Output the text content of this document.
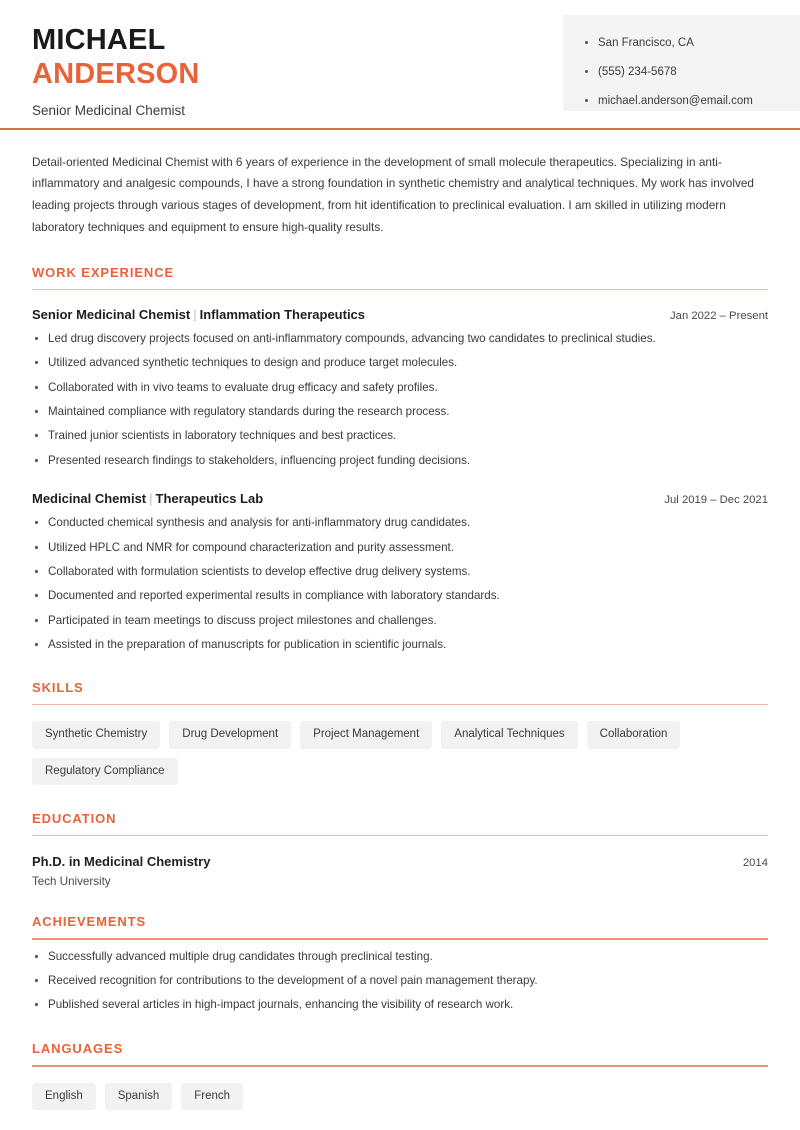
MICHAEL
ANDERSON
Senior Medicinal Chemist
San Francisco, CA
(555) 234-5678
michael.anderson@email.com

Detail-oriented Medicinal Chemist with 6 years of experience in the development of small molecule therapeutics. Specializing in anti-inflammatory and analgesic compounds, I have a strong foundation in synthetic chemistry and analytical techniques. My work has involved leading projects through various stages of development, from hit identification to preclinical evaluation. I am skilled in utilizing modern laboratory techniques and equipment to ensure high-quality results.

WORK EXPERIENCE
Senior Medicinal Chemist | Inflammation Therapeutics	Jan 2022 – Present
Led drug discovery projects focused on anti-inflammatory compounds, advancing two candidates to preclinical studies.
Utilized advanced synthetic techniques to design and produce target molecules.
Collaborated with in vivo teams to evaluate drug efficacy and safety profiles.
Maintained compliance with regulatory standards during the research process.
Trained junior scientists in laboratory techniques and best practices.
Presented research findings to stakeholders, influencing project funding decisions.
Medicinal Chemist | Therapeutics Lab	Jul 2019 – Dec 2021
Conducted chemical synthesis and analysis for anti-inflammatory drug candidates.
Utilized HPLC and NMR for compound characterization and purity assessment.
Collaborated with formulation scientists to develop effective drug delivery systems.
Documented and reported experimental results in compliance with laboratory standards.
Participated in team meetings to discuss project milestones and challenges.
Assisted in the preparation of manuscripts for publication in scientific journals.
SKILLS
Synthetic Chemistry	Drug Development	Project Management	Analytical Techniques	Collaboration
Regulatory Compliance
EDUCATION
Ph.D. in Medicinal Chemistry	2014
Tech University
ACHIEVEMENTS
Successfully advanced multiple drug candidates through preclinical testing.
Received recognition for contributions to the development of a novel pain management therapy.
Published several articles in high-impact journals, enhancing the visibility of research work.
LANGUAGES
English	Spanish	French
